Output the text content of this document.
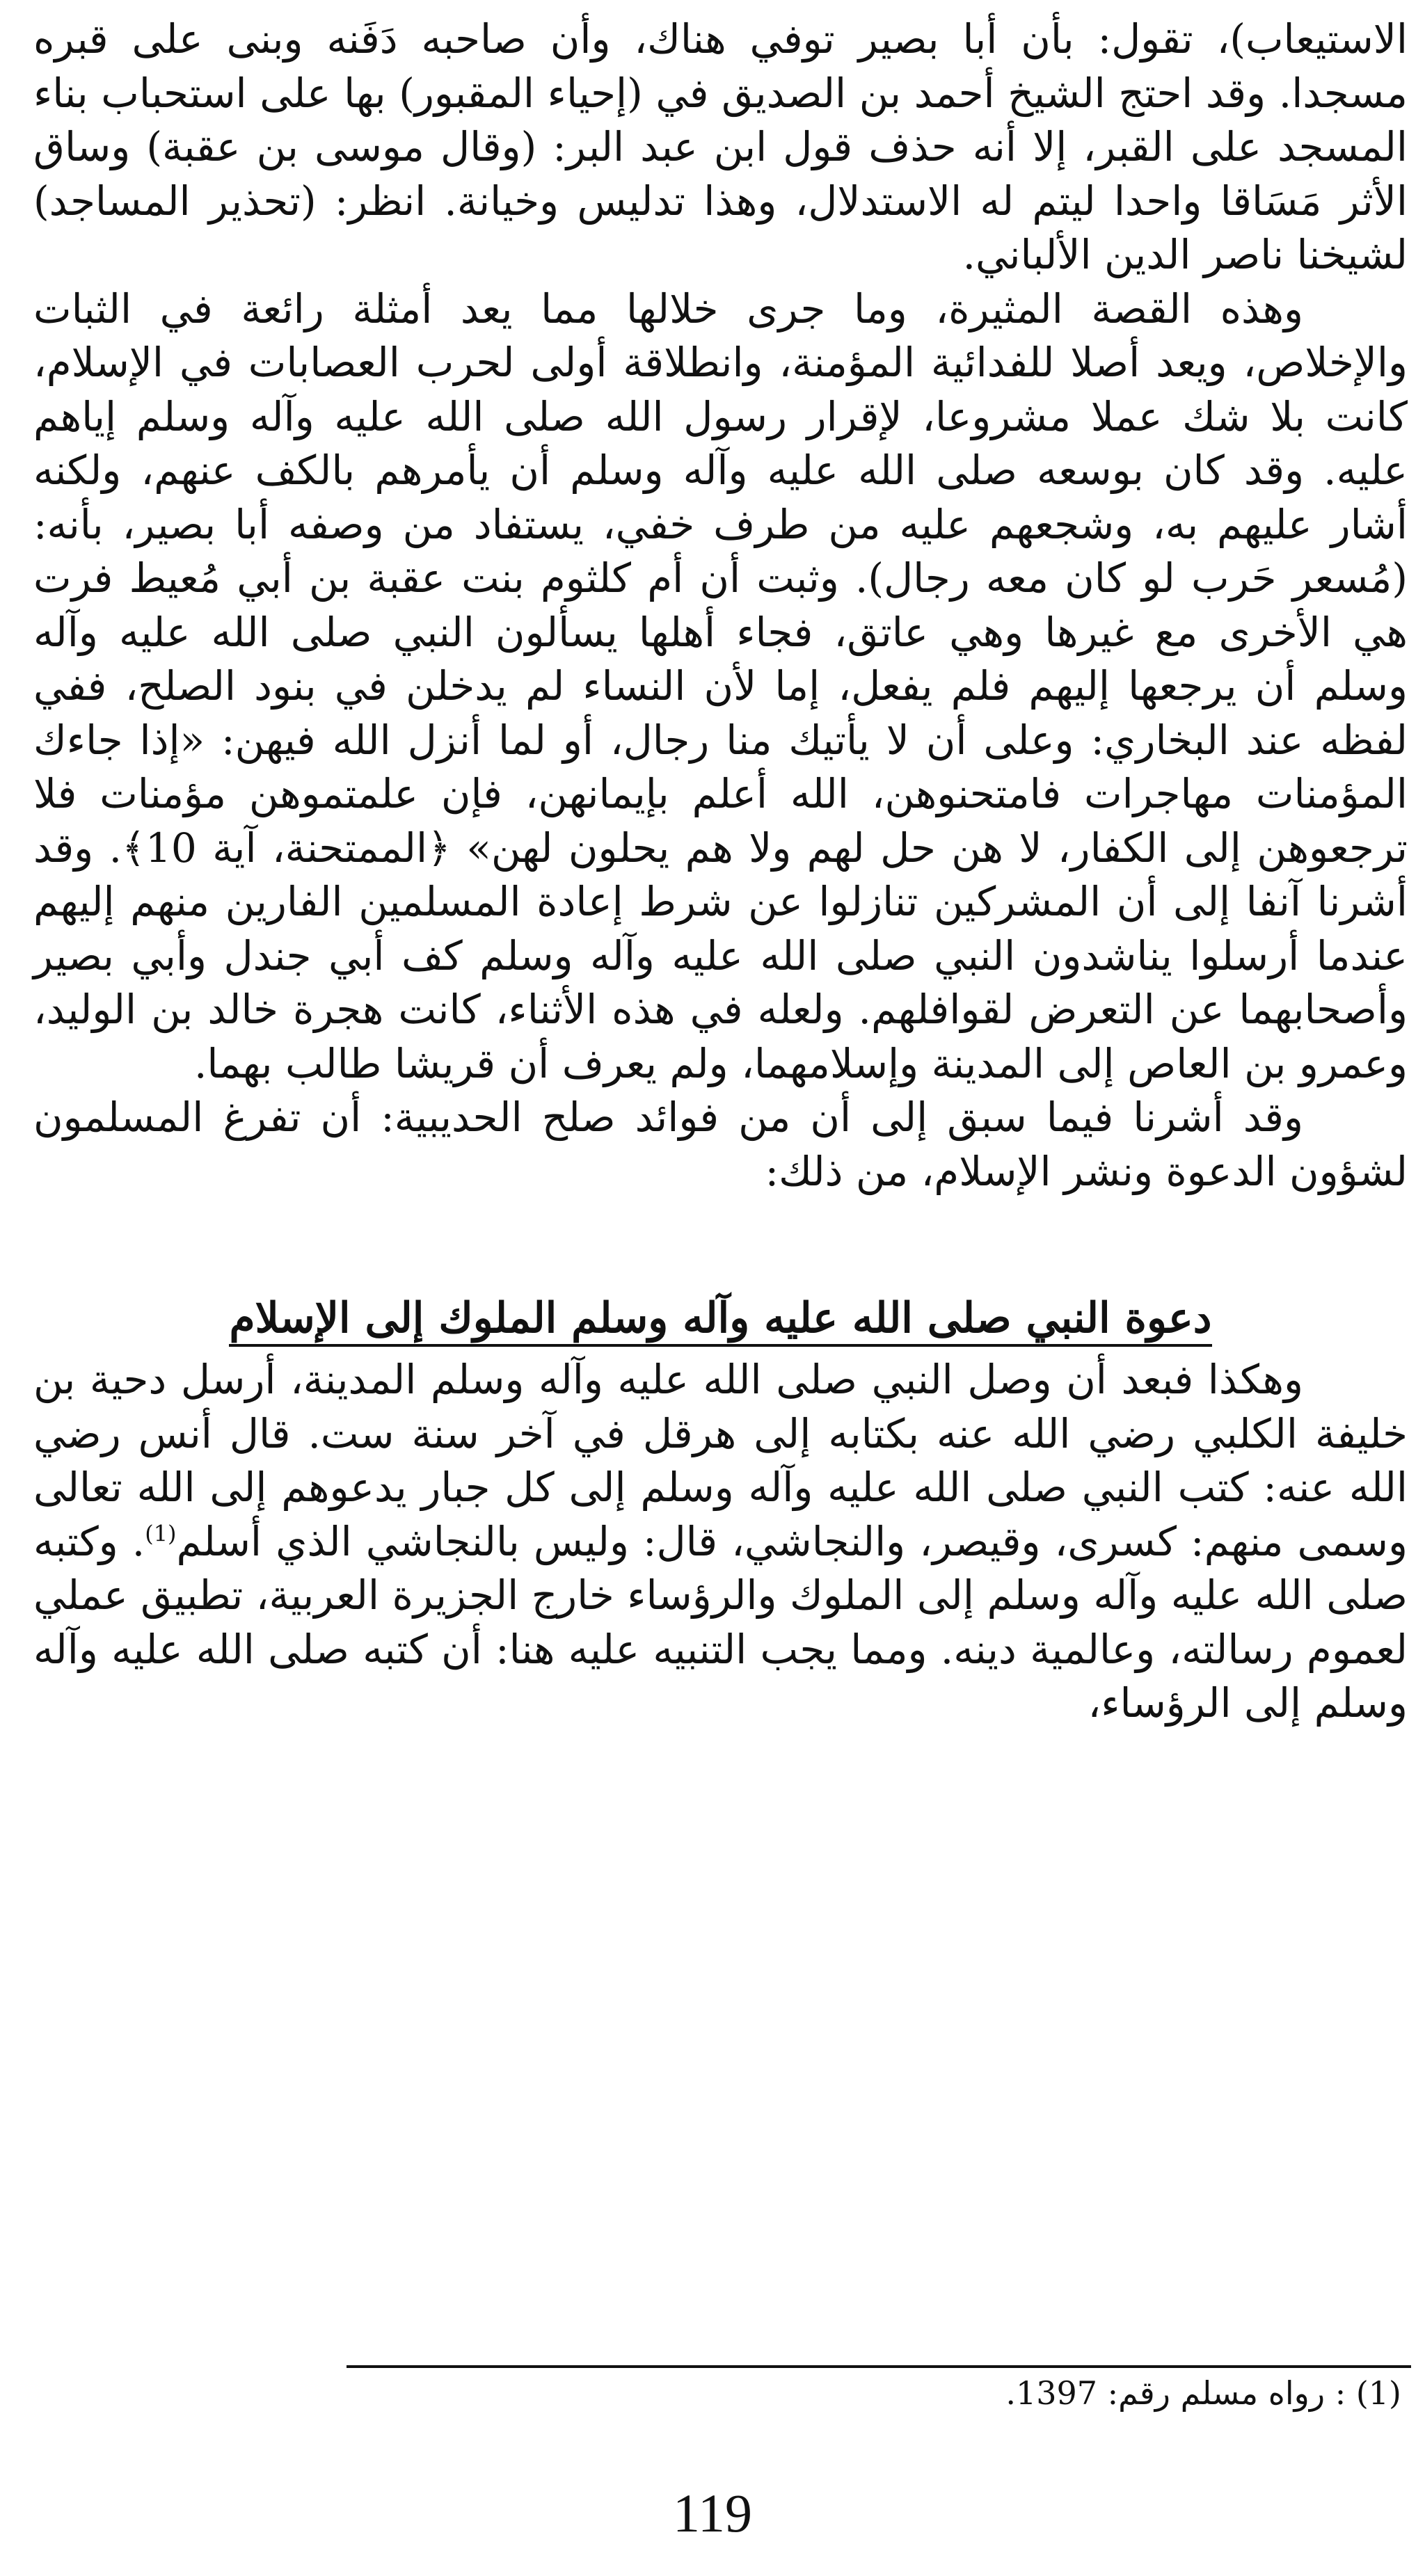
الاستيعاب)، تقول: بأن أبا بصير توفي هناك، وأن صاحبه دَفَنه وبنى على قبره مسجدا. وقد احتج الشيخ أحمد بن الصديق في (إحياء المقبور) بها على استحباب بناء المسجد على القبر، إلا أنه حذف قول ابن عبد البر: (وقال موسى بن عقبة) وساق الأثر مَسَاقا واحدا ليتم له الاستدلال، وهذا تدليس وخيانة. انظر: (تحذير المساجد) لشيخنا ناصر الدين الألباني.

وهذه القصة المثيرة، وما جرى خلالها مما يعد أمثلة رائعة في الثبات والإخلاص، ويعد أصلا للفدائية المؤمنة، وانطلاقة أولى لحرب العصابات في الإسلام، كانت بلا شك عملا مشروعا، لإقرار رسول الله صلى الله عليه وآله وسلم إياهم عليه. وقد كان بوسعه صلى الله عليه وآله وسلم أن يأمرهم بالكف عنهم، ولكنه أشار عليهم به، وشجعهم عليه من طرف خفي، يستفاد من وصفه أبا بصير، بأنه: (مُسعر حَرب لو كان معه رجال). وثبت أن أم كلثوم بنت عقبة بن أبي مُعيط فرت هي الأخرى مع غيرها وهي عاتق، فجاء أهلها يسألون النبي صلى الله عليه وآله وسلم أن يرجعها إليهم فلم يفعل، إما لأن النساء لم يدخلن في بنود الصلح، ففي لفظه عند البخاري: وعلى أن لا يأتيك منا رجال، أو لما أنزل الله فيهن: «إذا جاءك المؤمنات مهاجرات فامتحنوهن، الله أعلم بإيمانهن، فإن علمتموهن مؤمنات فلا ترجعوهن إلى الكفار، لا هن حل لهم ولا هم يحلون لهن» ﴿الممتحنة، آية 10﴾. وقد أشرنا آنفا إلى أن المشركين تنازلوا عن شرط إعادة المسلمين الفارين منهم إليهم عندما أرسلوا يناشدون النبي صلى الله عليه وآله وسلم كف أبي جندل وأبي بصير وأصحابهما عن التعرض لقوافلهم. ولعله في هذه الأثناء، كانت هجرة خالد بن الوليد، وعمرو بن العاص إلى المدينة وإسلامهما، ولم يعرف أن قريشا طالب بهما.

وقد أشرنا فيما سبق إلى أن من فوائد صلح الحديبية: أن تفرغ المسلمون لشؤون الدعوة ونشر الإسلام، من ذلك:

دعوة النبي صلى الله عليه وآله وسلم الملوك إلى الإسلام

وهكذا فبعد أن وصل النبي صلى الله عليه وآله وسلم المدينة، أرسل دحية بن خليفة الكلبي رضي الله عنه بكتابه إلى هرقل في آخر سنة ست. قال أنس رضي الله عنه: كتب النبي صلى الله عليه وآله وسلم إلى كل جبار يدعوهم إلى الله تعالى وسمى منهم: كسرى، وقيصر، والنجاشي، قال: وليس بالنجاشي الذي أسلم$^{(1)}$. وكتبه صلى الله عليه وآله وسلم إلى الملوك والرؤساء خارج الجزيرة العربية، تطبيق عملي لعموم رسالته، وعالمية دينه. ومما يجب التنبيه عليه هنا: أن كتبه صلى الله عليه وآله وسلم إلى الرؤساء،

(1) : رواه مسلم رقم: 1397.
119
